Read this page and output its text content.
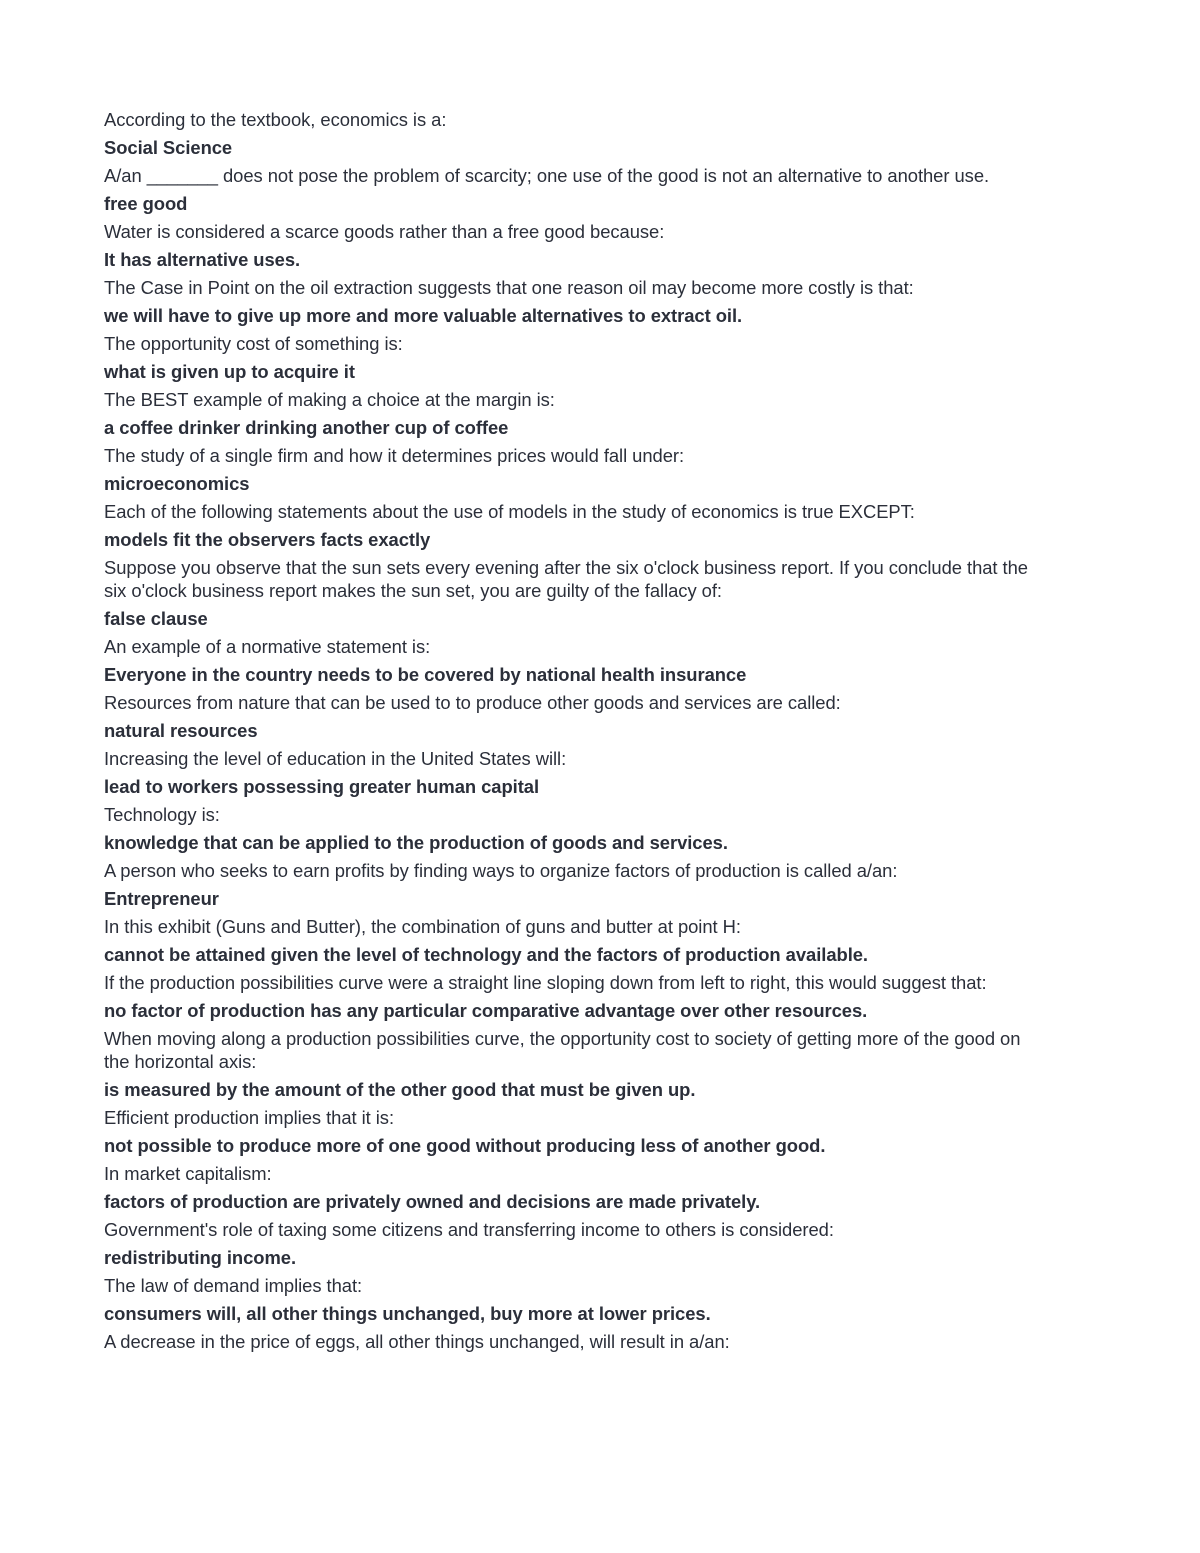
According to the textbook, economics is a:

Social Science

A/an _______ does not pose the problem of scarcity; one use of the good is not an alternative to another use.

free good

Water is considered a scarce goods rather than a free good because:

It has alternative uses.

The Case in Point on the oil extraction suggests that one reason oil may become more costly is that:

we will have to give up more and more valuable alternatives to extract oil.

The opportunity cost of something is:

what is given up to acquire it

The BEST example of making a choice at the margin is:

a coffee drinker drinking another cup of coffee

The study of a single firm and how it determines prices would fall under:

microeconomics

Each of the following statements about the use of models in the study of economics is true EXCEPT:

models fit the observers facts exactly

Suppose you observe that the sun sets every evening after the six o'clock business report. If you conclude that the six o'clock business report makes the sun set, you are guilty of the fallacy of:

false clause

An example of a normative statement is:

Everyone in the country needs to be covered by national health insurance

Resources from nature that can be used to to produce other goods and services are called:

natural resources

Increasing the level of education in the United States will:

lead to workers possessing greater human capital

Technology is:

knowledge that can be applied to the production of goods and services.

A person who seeks to earn profits by finding ways to organize factors of production is called a/an:

Entrepreneur

In this exhibit (Guns and Butter), the combination of guns and butter at point H:

cannot be attained given the level of technology and the factors of production available.

If the production possibilities curve were a straight line sloping down from left to right, this would suggest that:

no factor of production has any particular comparative advantage over other resources.

When moving along a production possibilities curve, the opportunity cost to society of getting more of the good on the horizontal axis:

is measured by the amount of the other good that must be given up.

Efficient production implies that it is:

not possible to produce more of one good without producing less of another good.

In market capitalism:

factors of production are privately owned and decisions are made privately.

Government's role of taxing some citizens and transferring income to others is considered:

redistributing income.

The law of demand implies that:

consumers will, all other things unchanged, buy more at lower prices.

A decrease in the price of eggs, all other things unchanged, will result in a/an:
